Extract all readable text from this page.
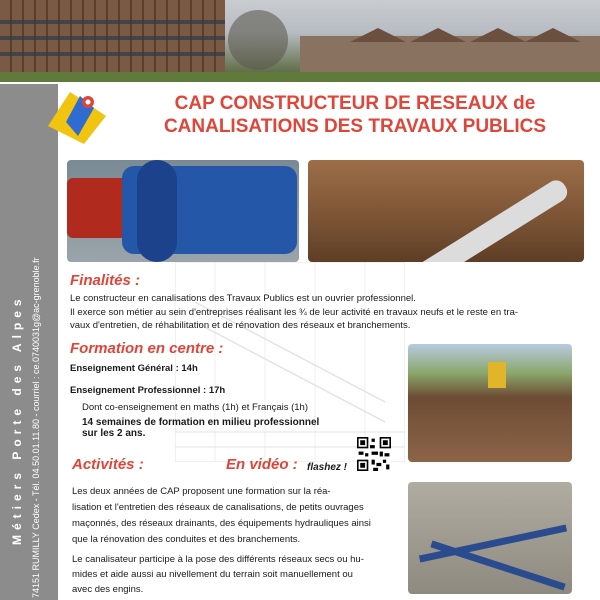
Métiers Porte des Alpes 74151 RUMILLY Cedex - Tél. 04.50.01.11.80 - courriel : ce.0740031g@ac-grenoble.fr
CAP CONSTRUCTEUR DE RESEAUX de
CANALISATIONS DES TRAVAUX PUBLICS
Finalités :
Le constructeur en canalisations des Travaux Publics est un ouvrier professionnel.
Il exerce son métier au sein d'entreprises réalisant les ¾ de leur activité en travaux neufs et le reste en tra-
vaux d'entretien, de réhabilitation et de rénovation des réseaux et branchements.
Formation en centre :
Enseignement Général : 14h
Enseignement Professionnel : 17h
Dont co-enseignement en maths (1h) et Français (1h)
14 semaines de formation en milieu professionnel
sur les 2 ans.
Activités :	En vidéo : flashez !
Les deux années de CAP proposent une formation sur la réa-
lisation et l'entretien des réseaux de canalisations, de petits ouvrages
maçonnés, des réseaux drainants, des équipements hydrauliques ainsi
que la rénovation des conduites et des branchements.
Le canalisateur participe à la pose des différents réseaux secs ou hu-
mides et aide aussi au nivellement du terrain soit manuellement ou
avec des engins.
